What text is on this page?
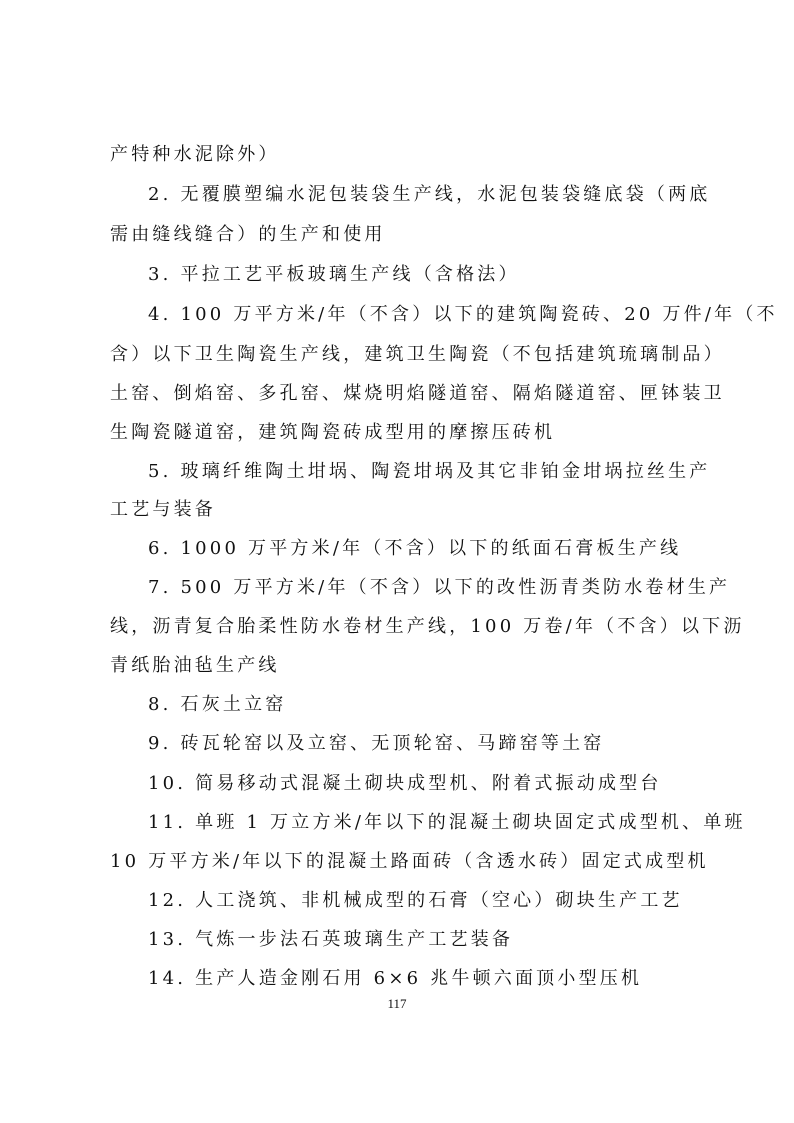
产特种水泥除外）
2. 无覆膜塑编水泥包装袋生产线，水泥包装袋缝底袋（两底
需由缝线缝合）的生产和使用
3. 平拉工艺平板玻璃生产线（含格法）
4. 100 万平方米/年（不含）以下的建筑陶瓷砖、20 万件/年（不
含）以下卫生陶瓷生产线，建筑卫生陶瓷（不包括建筑琉璃制品）
土窑、倒焰窑、多孔窑、煤烧明焰隧道窑、隔焰隧道窑、匣钵装卫
生陶瓷隧道窑，建筑陶瓷砖成型用的摩擦压砖机
5. 玻璃纤维陶土坩埚、陶瓷坩埚及其它非铂金坩埚拉丝生产
工艺与装备
6. 1000 万平方米/年（不含）以下的纸面石膏板生产线
7. 500 万平方米/年（不含）以下的改性沥青类防水卷材生产
线，沥青复合胎柔性防水卷材生产线，100 万卷/年（不含）以下沥
青纸胎油毡生产线
8. 石灰土立窑
9. 砖瓦轮窑以及立窑、无顶轮窑、马蹄窑等土窑
10. 简易移动式混凝土砌块成型机、附着式振动成型台
11. 单班 1 万立方米/年以下的混凝土砌块固定式成型机、单班
10 万平方米/年以下的混凝土路面砖（含透水砖）固定式成型机
12. 人工浇筑、非机械成型的石膏（空心）砌块生产工艺
13. 气炼一步法石英玻璃生产工艺装备
14. 生产人造金刚石用 6×6 兆牛顿六面顶小型压机
117
